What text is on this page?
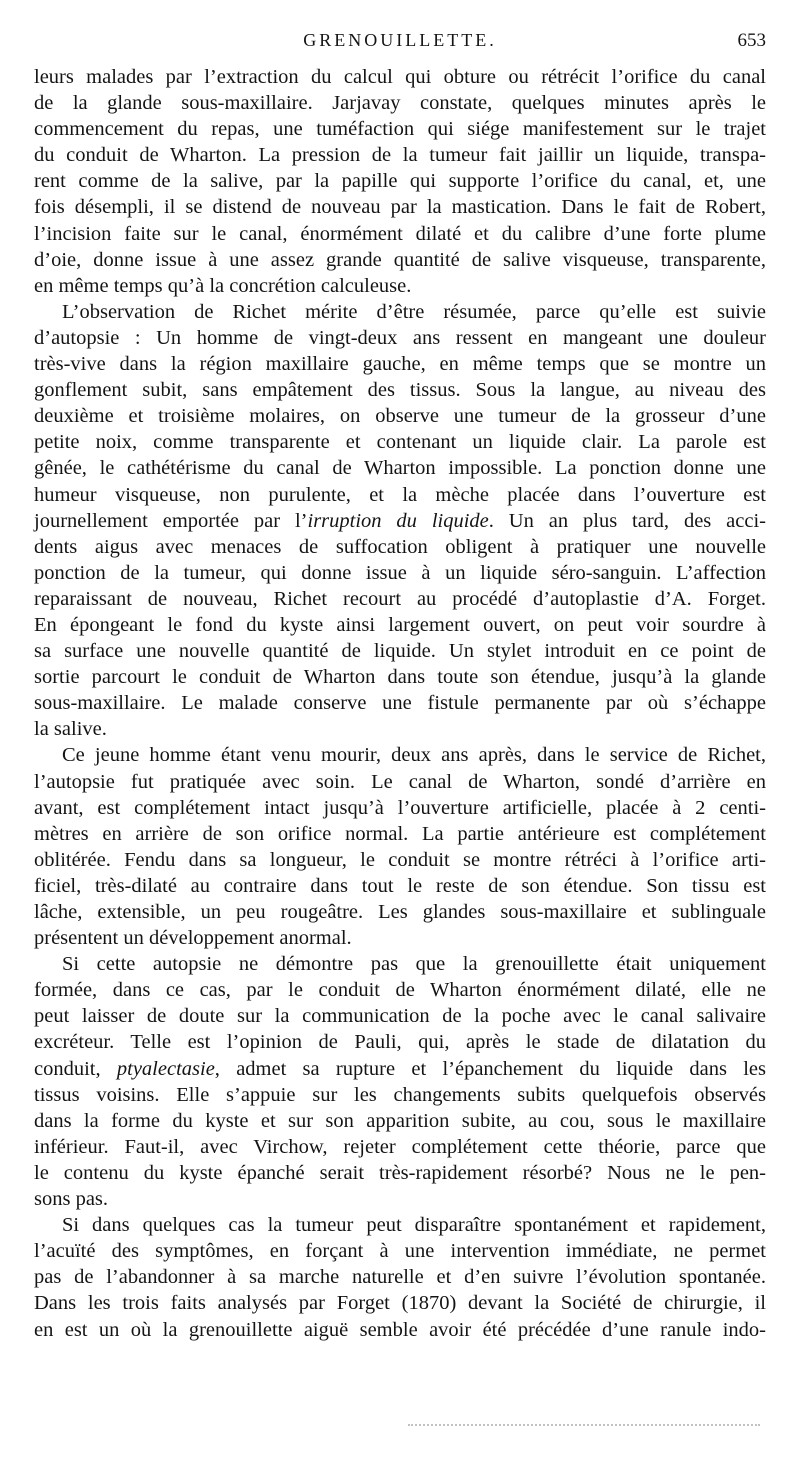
GRENOUILLETTE.	653
leurs malades par l’extraction du calcul qui obture ou rétrécit l’orifice du canal
de la glande sous-maxillaire. Jarjavay constate, quelques minutes après le
commencement du repas, une tuméfaction qui siége manifestement sur le trajet
du conduit de Wharton. La pression de la tumeur fait jaillir un liquide, transpa-
rent comme de la salive, par la papille qui supporte l’orifice du canal, et, une
fois désempli, il se distend de nouveau par la mastication. Dans le fait de Robert,
l’incision faite sur le canal, énormément dilaté et du calibre d’une forte plume
d’oie, donne issue à une assez grande quantité de salive visqueuse, transparente,
en même temps qu’à la concrétion calculeuse.
L’observation de Richet mérite d’être résumée, parce qu’elle est suivie
d’autopsie : Un homme de vingt-deux ans ressent en mangeant une douleur
très-vive dans la région maxillaire gauche, en même temps que se montre un
gonflement subit, sans empâtement des tissus. Sous la langue, au niveau des
deuxième et troisième molaires, on observe une tumeur de la grosseur d’une
petite noix, comme transparente et contenant un liquide clair. La parole est
gênée, le cathétérisme du canal de Wharton impossible. La ponction donne une
humeur visqueuse, non purulente, et la mèche placée dans l’ouverture est
journellement emportée par l’irruption du liquide. Un an plus tard, des acci-
dents aigus avec menaces de suffocation obligent à pratiquer une nouvelle
ponction de la tumeur, qui donne issue à un liquide séro-sanguin. L’affection
reparaissant de nouveau, Richet recourt au procédé d’autoplastie d’A. Forget.
En épongeant le fond du kyste ainsi largement ouvert, on peut voir sourdre à
sa surface une nouvelle quantité de liquide. Un stylet introduit en ce point de
sortie parcourt le conduit de Wharton dans toute son étendue, jusqu’à la glande
sous-maxillaire. Le malade conserve une fistule permanente par où s’échappe
la salive.
Ce jeune homme étant venu mourir, deux ans après, dans le service de Richet,
l’autopsie fut pratiquée avec soin. Le canal de Wharton, sondé d’arrière en
avant, est complétement intact jusqu’à l’ouverture artificielle, placée à 2 centi-
mètres en arrière de son orifice normal. La partie antérieure est complétement
oblitérée. Fendu dans sa longueur, le conduit se montre rétréci à l’orifice arti-
ficiel, très-dilaté au contraire dans tout le reste de son étendue. Son tissu est
lâche, extensible, un peu rougeâtre. Les glandes sous-maxillaire et sublinguale
présentent un développement anormal.
Si cette autopsie ne démontre pas que la grenouillette était uniquement
formée, dans ce cas, par le conduit de Wharton énormément dilaté, elle ne
peut laisser de doute sur la communication de la poche avec le canal salivaire
excréteur. Telle est l’opinion de Pauli, qui, après le stade de dilatation du
conduit, ptyalectasie, admet sa rupture et l’épanchement du liquide dans les
tissus voisins. Elle s’appuie sur les changements subits quelquefois observés
dans la forme du kyste et sur son apparition subite, au cou, sous le maxillaire
inférieur. Faut-il, avec Virchow, rejeter complétement cette théorie, parce que
le contenu du kyste épanché serait très-rapidement résorbé? Nous ne le pen-
sons pas.
Si dans quelques cas la tumeur peut disparaître spontanément et rapidement,
l’acuïté des symptômes, en forçant à une intervention immédiate, ne permet
pas de l’abandonner à sa marche naturelle et d’en suivre l’évolution spontanée.
Dans les trois faits analysés par Forget (1870) devant la Société de chirurgie, il
en est un où la grenouillette aiguë semble avoir été précédée d’une ranule indo-
